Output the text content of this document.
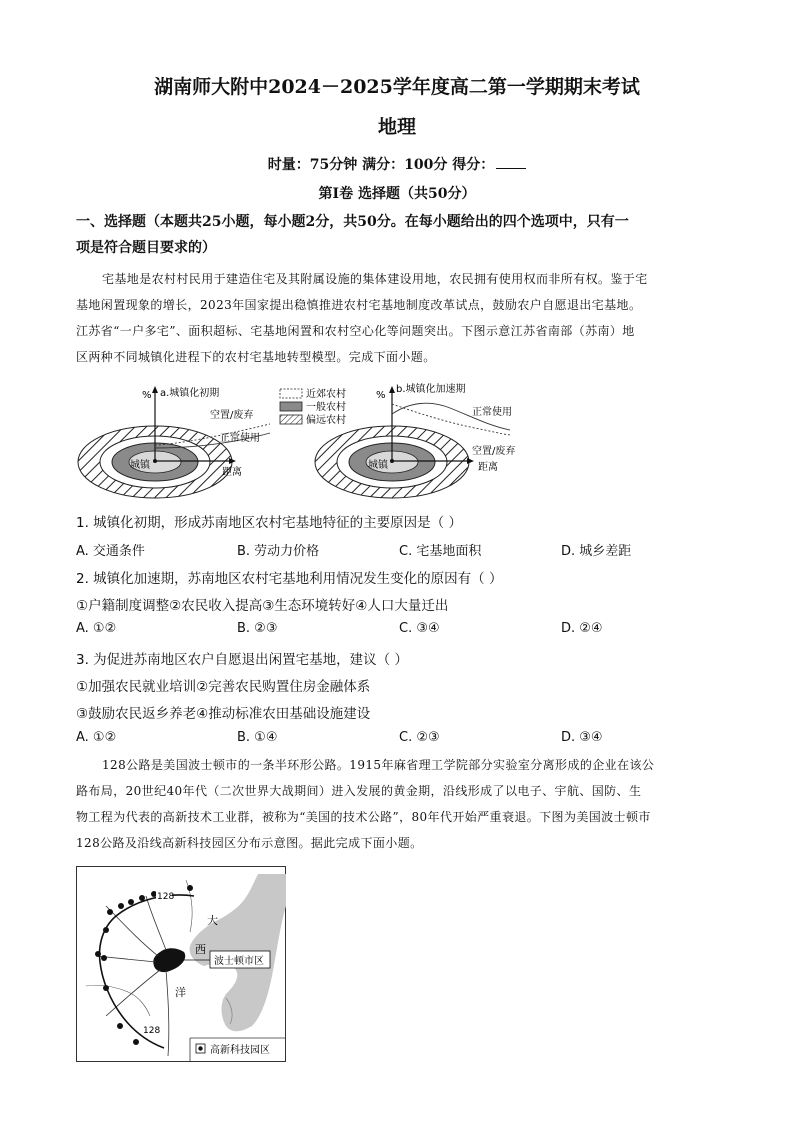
湖南师大附中2024－2025学年度高二第一学期期末考试
地理
时量：75分钟 满分：100分 得分：
第Ⅰ卷 选择题（共50分）
一、选择题（本题共25小题，每小题2分，共50分。在每小题给出的四个选项中，只有一
项是符合题目要求的）
宅基地是农村村民用于建造住宅及其附属设施的集体建设用地，农民拥有使用权而非所有权。鉴于宅
基地闲置现象的增长，2023年国家提出稳慎推进农村宅基地制度改革试点，鼓励农户自愿退出宅基地。
江苏省“一户多宅”、面积超标、宅基地闲置和农村空心化等问题突出。下图示意江苏省南部（苏南）地
区两种不同城镇化进程下的农村宅基地转型模型。完成下面小题。
城镇
% a.城镇化初期
距离
空置/废弃
正常使用
近郊农村
一般农村
偏远农村
城镇
%
b.城镇化加速期
距离
正常使用
空置/废弃
1. 城镇化初期，形成苏南地区农村宅基地特征的主要原因是（ ）
A. 交通条件	B. 劳动力价格	C. 宅基地面积	D. 城乡差距
2. 城镇化加速期，苏南地区农村宅基地利用情况发生变化的原因有（ ）
①户籍制度调整②农民收入提高③生态环境转好④人口大量迁出
A. ①②	B. ②③	C. ③④	D. ②④
3. 为促进苏南地区农户自愿退出闲置宅基地，建议（ ）
①加强农民就业培训②完善农民购置住房金融体系
③鼓励农民返乡养老④推动标准农田基础设施建设
A. ①②	B. ①④	C. ②③	D. ③④
128公路是美国波士顿市的一条半环形公路。1915年麻省理工学院部分实验室分离形成的企业在该公
路布局，20世纪40年代（二次世界大战期间）进入发展的黄金期，沿线形成了以电子、宇航、国防、生
物工程为代表的高新技术工业群，被称为“美国的技术公路”，80年代开始严重衰退。下图为美国波士顿市
128公路及沿线高新科技园区分布示意图。据此完成下面小题。
128
128
大
西
洋
波士顿市区
高新科技园区
